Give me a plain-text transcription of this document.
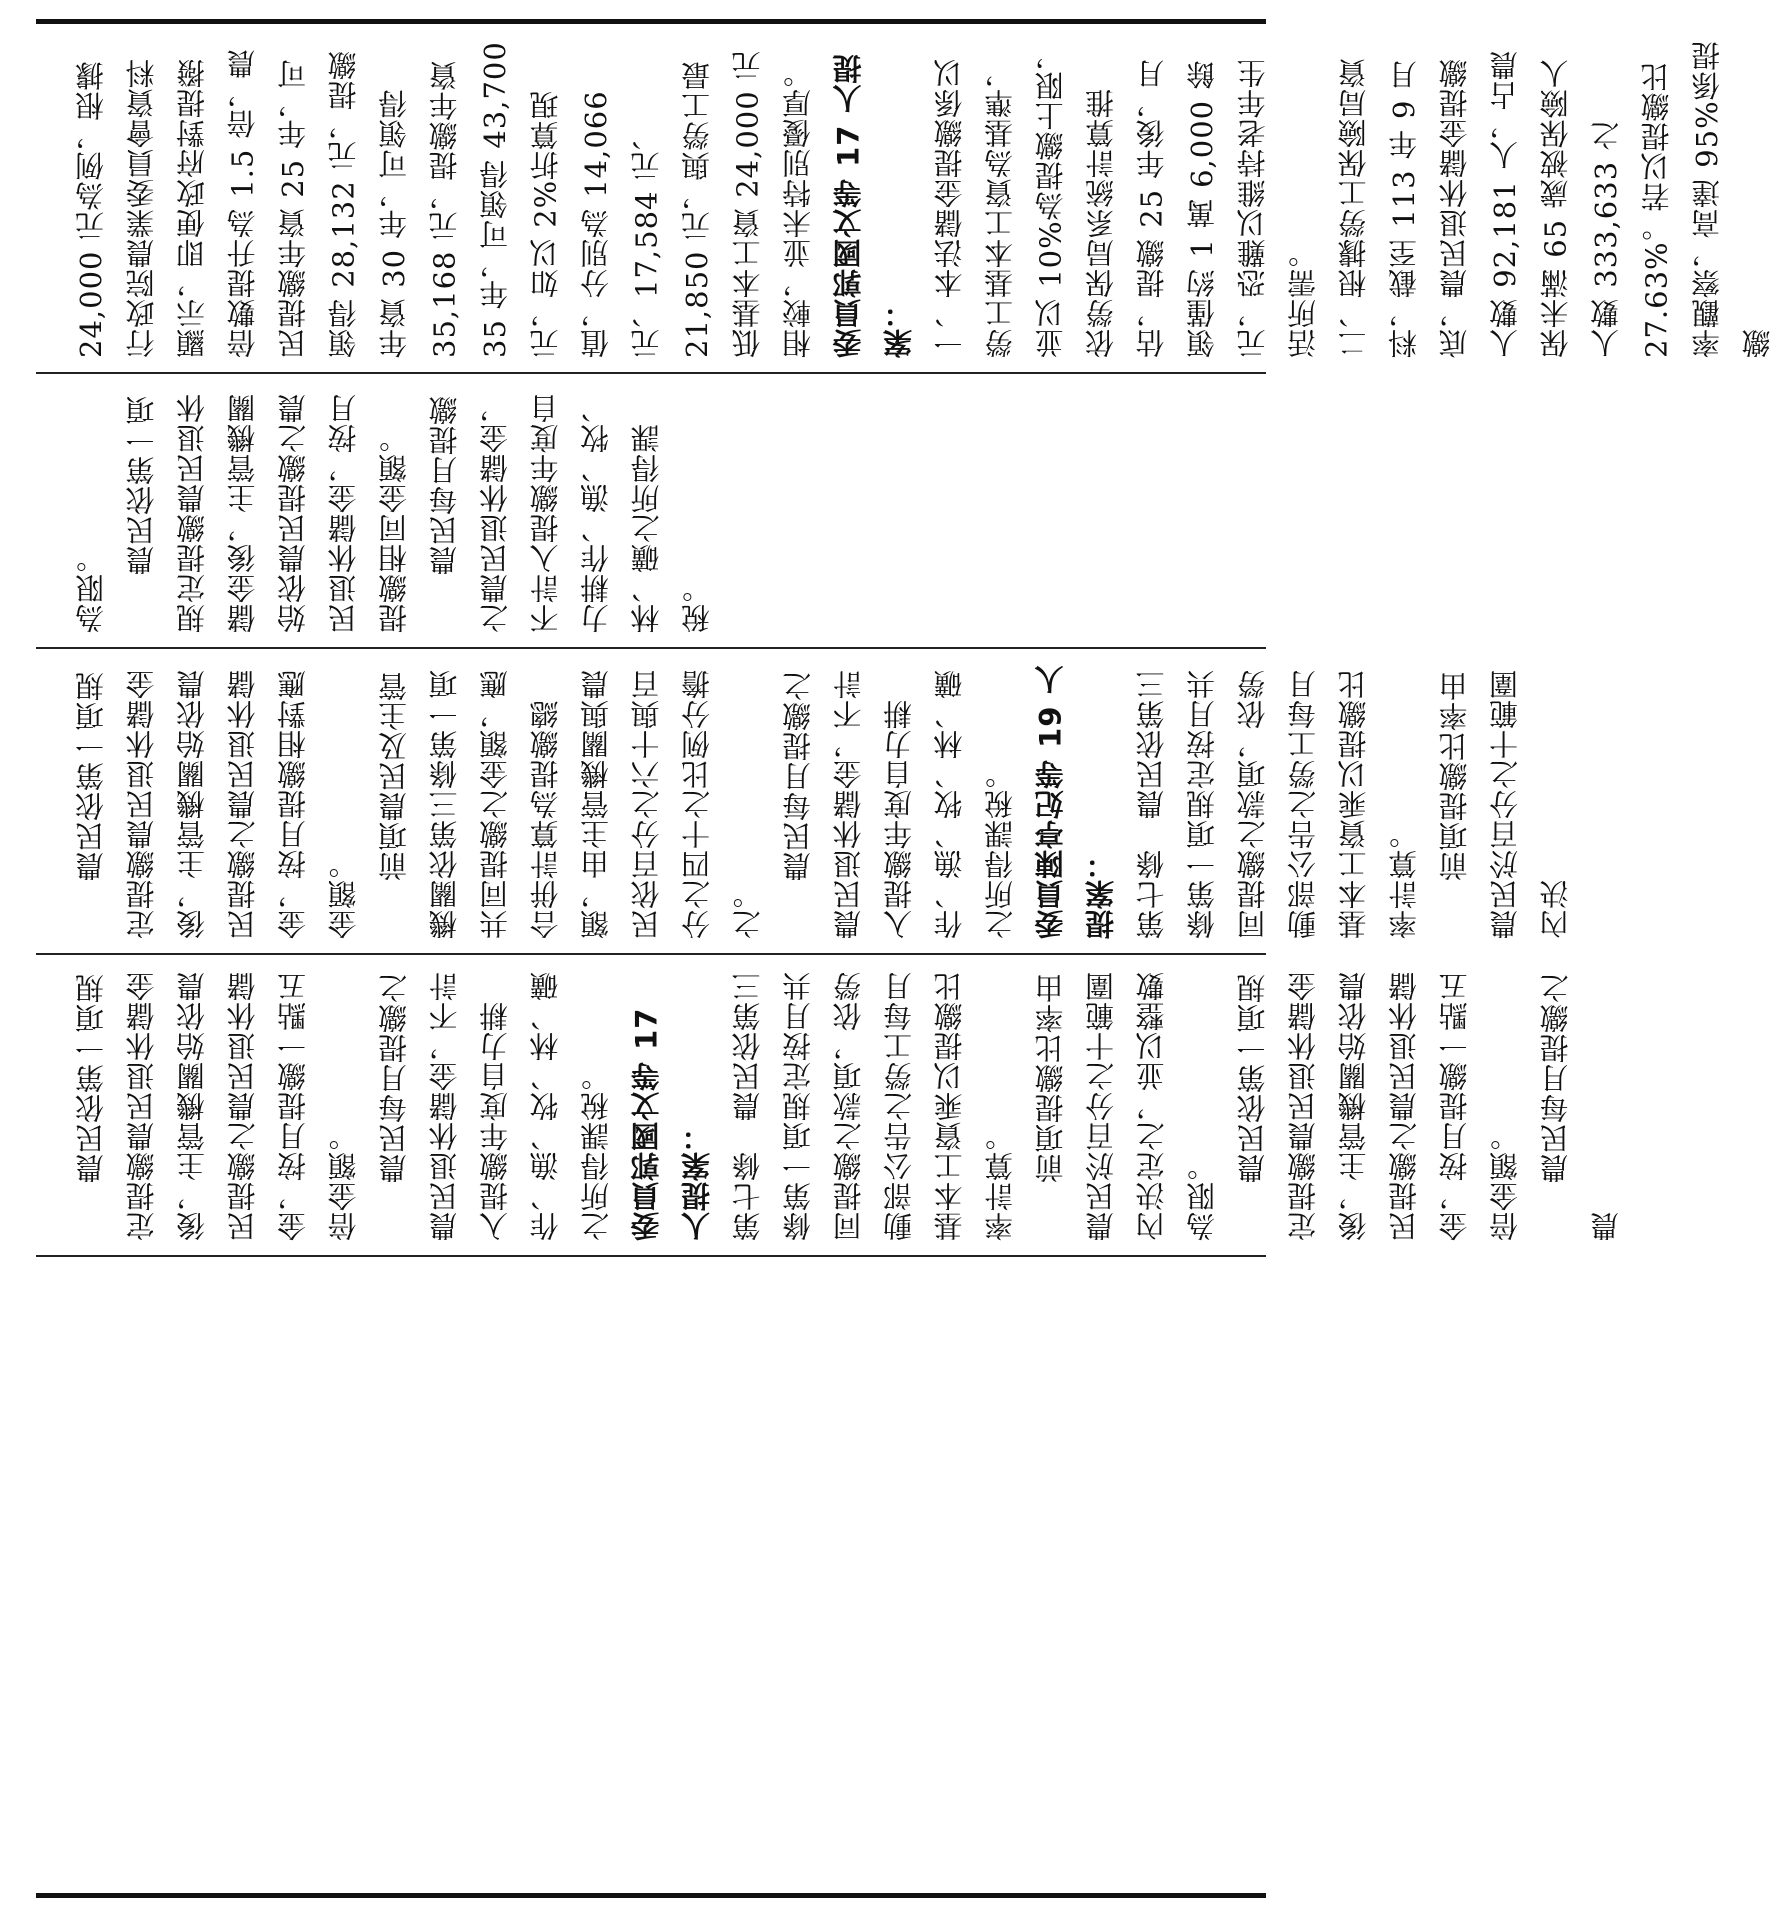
24,000 元為例，根據行政院農業委員會資料顯示，即便政府對提撥倍數提升為 1.5 倍，農民提繳年資 25 年，可領得 28,132 元，提繳年資 30 年，可領得 35,168 元，提繳年資 35 年，可領得 43,700 元，如以 2%折算現值，分別為 14,066 元、17,584 元、21,850 元，與勞工最低基本工資 24,000 元相較，並未特別優厚。 委員郭國文等 17 人提案： 一、本法儲金提繳係以勞工基本工資為基準，並以 10%為提繳上限，依勞保局系統計算推估，提繳 25 年後，月領僅約 1 萬 6,000 餘元，恐難以維持老年生活所需。 二、根據勞工保險局資料，截至 113 年 9 月底，農民退休儲金提繳人數 92,181 人，占農保未滿 65 歲被保險人人數 333,633 之 27.63%。若以提繳比率觀察，高達 95%係提繳
為限。
農民依第一項規定提繳農民退休儲金後，主管機關始依農民提繳之農民退休儲金，按月提繳相同金額。 農民每月提繳之農民退休儲金，不計入提繳年度自力耕作、漁、牧、林、礦之所得課稅。
農民依第一項規定提繳農民退休儲金後，主管機關始依農民提繳之農民退休儲金，按月提繳相對應金額。
前項農民及主管機關依第三條第一項共同提繳之金額，應合併計算為提繳總額，由主管機關與農民依百分之六十與百分之四十之比例分擔之。
農民每月提繳之農民退休儲金，不計入提繳年度自力耕作、漁、牧、林、礦之所得課稅。 委員陳亭妃等 19 人提案： 第七條　農民依第三條第一項規定按月共同提繳之款項，依勞動部公告之勞工每月基本工資乘以提繳比率計算。 前項提繳比率由農民於百分之十範圍內決
農民依第一項規定提繳農民退休儲金後，主管機關始依農民提繳之農民退休儲金，按月提繳一點五倍金額。 農民每月提繳之農民退休儲金，不計入提繳年度自力耕作、漁、牧、林、礦之所得課稅。 委員郭國文等 17 人提案： 第七條　農民依第三條第一項規定按月共同提繳之款項，依勞動部公告之勞工每月基本工資乘以提繳比率計算。 前項提繳比率由農民於百分之十範圍內決定之，並以整數為限。
農民依第一項規定提繳農民退休儲金後，主管機關始依農民提繳之農民退休儲金，按月提繳一點五倍金額。 農民每月提繳之農
